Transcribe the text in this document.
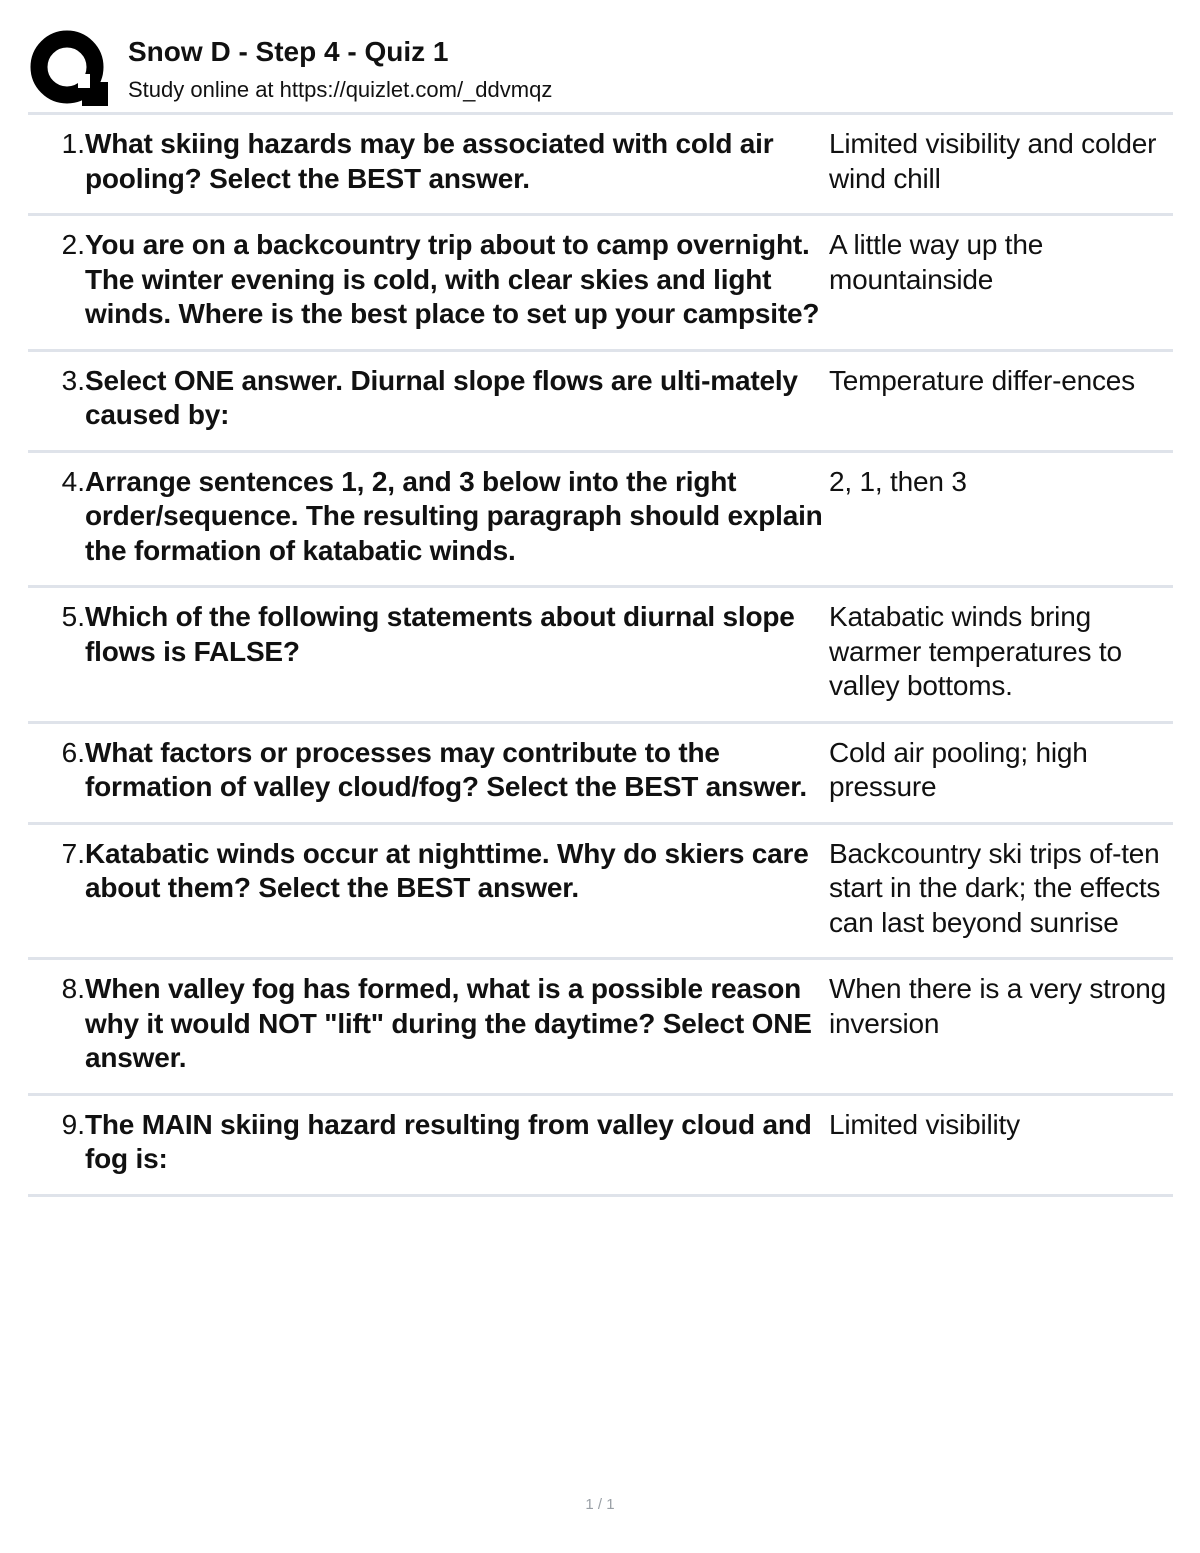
Snow D - Step 4 - Quiz 1
Study online at https://quizlet.com/_ddvmqz
1. What skiing hazards may be associated with cold air pooling? Select the BEST answer.
Limited visibility and colder wind chill
2. You are on a backcountry trip about to camp overnight. The winter evening is cold, with clear skies and light winds. Where is the best place to set up your campsite?
A little way up the mountainside
3. Select ONE answer. Diurnal slope flows are ulti-mately caused by:
Temperature differ-ences
4. Arrange sentences 1, 2, and 3 below into the right order/sequence. The resulting paragraph should explain the formation of katabatic winds.
2, 1, then 3
5. Which of the following statements about diurnal slope flows is FALSE?
Katabatic winds bring warmer temperatures to valley bottoms.
6. What factors or processes may contribute to the formation of valley cloud/fog? Select the BEST answer.
Cold air pooling; high pressure
7. Katabatic winds occur at nighttime. Why do skiers care about them? Select the BEST answer.
Backcountry ski trips of-ten start in the dark; the effects can last beyond sunrise
8. When valley fog has formed, what is a possible reason why it would NOT "lift" during the daytime? Select ONE answer.
When there is a very strong inversion
9. The MAIN skiing hazard resulting from valley cloud and fog is:
Limited visibility
1 / 1
